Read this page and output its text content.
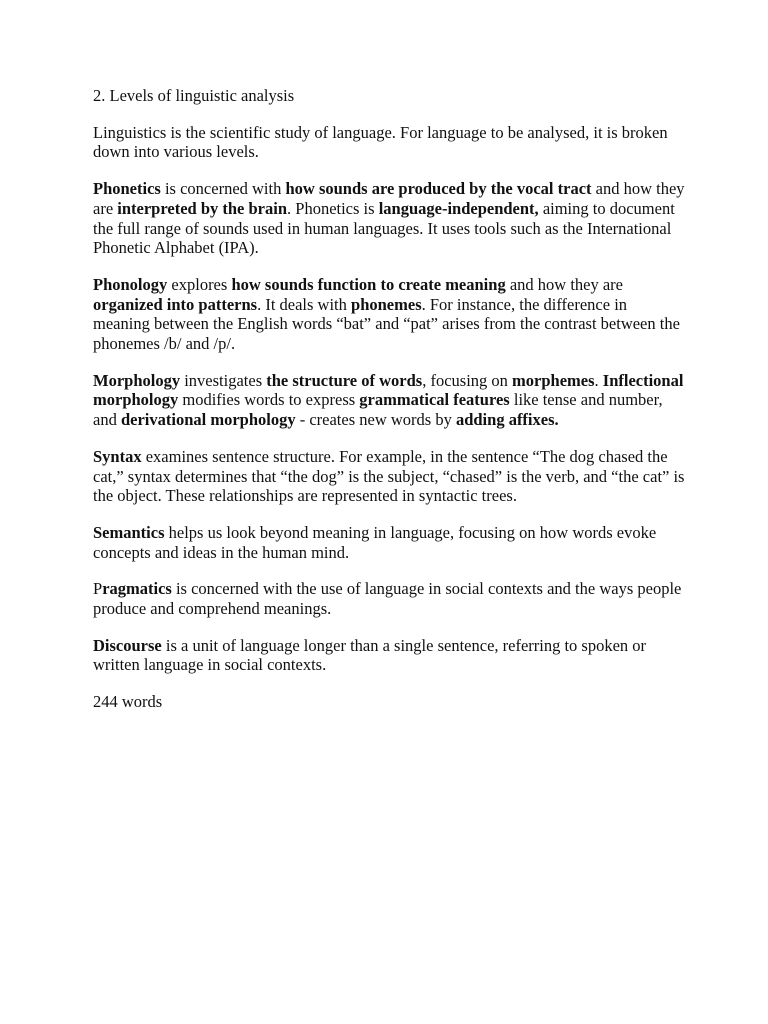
2. Levels of linguistic analysis

Linguistics is the scientific study of language. For language to be analysed, it is broken down into various levels.

Phonetics is concerned with how sounds are produced by the vocal tract and how they are interpreted by the brain. Phonetics is language-independent, aiming to document the full range of sounds used in human languages. It uses tools such as the International Phonetic Alphabet (IPA).

Phonology explores how sounds function to create meaning and how they are organized into patterns. It deals with phonemes. For instance, the difference in meaning between the English words “bat” and “pat” arises from the contrast between the phonemes /b/ and /p/.

Morphology investigates the structure of words, focusing on morphemes. Inflectional morphology modifies words to express grammatical features like tense and number, and derivational morphology - creates new words by adding affixes.

Syntax examines sentence structure. For example, in the sentence “The dog chased the cat,” syntax determines that “the dog” is the subject, “chased” is the verb, and “the cat” is the object. These relationships are represented in syntactic trees.

Semantics helps us look beyond meaning in language, focusing on how words evoke concepts and ideas in the human mind.

Pragmatics is concerned with the use of language in social contexts and the ways people produce and comprehend meanings.

Discourse is a unit of language longer than a single sentence, referring to spoken or written language in social contexts.

244 words
